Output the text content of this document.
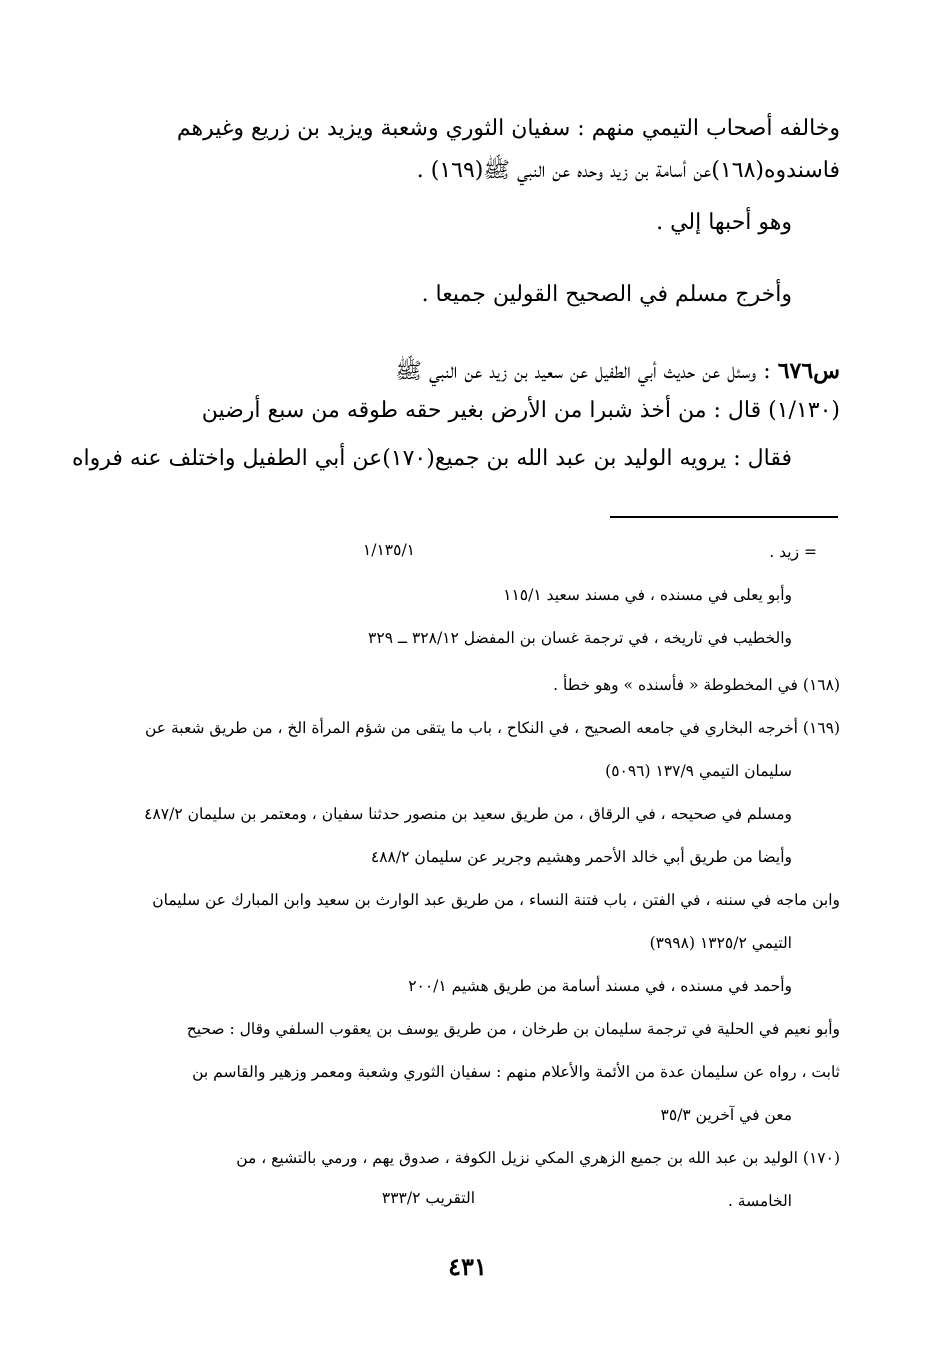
وخالفه أصحاب التيمي منهم : سفيان الثوري وشعبة ويزيد بن زريع وغيرهم
فاسندوه(١٦٨)عن أسامة بن زيد وحده عن النبي ﷺ(١٦٩) .
وهو أحبها إلي .
وأخرج مسلم في الصحيح القولين جميعا .
س٦٧٦ : وسئل عن حديث أبي الطفيل عن سعيد بن زيد عن النبي ﷺ
(١/١٣٠) قال : من أخذ شبرا من الأرض بغير حقه طوقه من سبع أرضين
فقال : يرويه الوليد بن عبد الله بن جميع(١٧٠)عن أبي الطفيل واختلف عنه فرواه
= زيد .
١/١٣٥/١
وأبو يعلى في مسنده ، في مسند سعيد ١١٥/١
والخطيب في تاريخه ، في ترجمة غسان بن المفضل ٣٢٨/١٢ ــ ٣٢٩
(١٦٨) في المخطوطة « فأسنده » وهو خطأ .
(١٦٩) أخرجه البخاري في جامعه الصحيح ، في النكاح ، باب ما يتقى من شؤم المرأة الخ ، من طريق شعبة عن
سليمان التيمي ١٣٧/٩ (٥٠٩٦)
ومسلم في صحيحه ، في الرقاق ، من طريق سعيد بن منصور حدثنا سفيان ، ومعتمر بن سليمان ٤٨٧/٢
وأيضا من طريق أبي خالد الأحمر وهشيم وجرير عن سليمان ٤٨٨/٢
وابن ماجه في سننه ، في الفتن ، باب فتنة النساء ، من طريق عبد الوارث بن سعيد وابن المبارك عن سليمان
التيمي ١٣٢٥/٢ (٣٩٩٨)
وأحمد في مسنده ، في مسند أسامة من طريق هشيم ٢٠٠/١
وأبو نعيم في الحلية في ترجمة سليمان بن طرخان ، من طريق يوسف بن يعقوب السلفي وقال : صحيح
ثابت ، رواه عن سليمان عدة من الأئمة والأعلام منهم : سفيان الثوري وشعبة ومعمر وزهير والقاسم بن
معن في آخرين ٣٥/٣
(١٧٠) الوليد بن عبد الله بن جميع الزهري المكي نزيل الكوفة ، صدوق يهم ، ورمي بالتشيع ، من
الخامسة .
التقريب ٣٣٣/٢
٤٣١
